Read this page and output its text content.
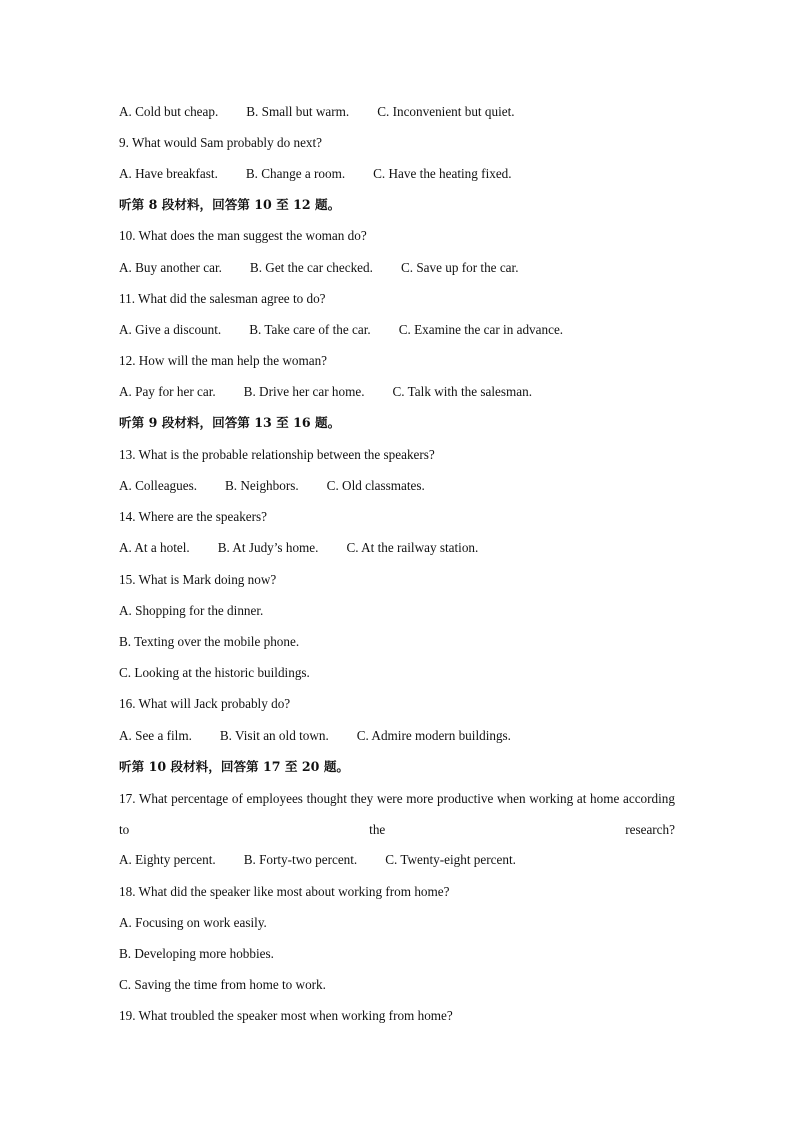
A. Cold but cheap. B. Small but warm. C. Inconvenient but quiet.
9. What would Sam probably do next?
A. Have breakfast. B. Change a room. C. Have the heating fixed.
听第 8 段材料，回答第 10 至 12 题。
10. What does the man suggest the woman do?
A. Buy another car. B. Get the car checked. C. Save up for the car.
11. What did the salesman agree to do?
A. Give a discount. B. Take care of the car. C. Examine the car in advance.
12. How will the man help the woman?
A. Pay for her car. B. Drive her car home. C. Talk with the salesman.
听第 9 段材料，回答第 13 至 16 题。
13. What is the probable relationship between the speakers?
A. Colleagues. B. Neighbors. C. Old classmates.
14. Where are the speakers?
A. At a hotel. B. At Judy’s home. C. At the railway station.
15. What is Mark doing now?
A. Shopping for the dinner.
B. Texting over the mobile phone.
C. Looking at the historic buildings.
16. What will Jack probably do?
A. See a film. B. Visit an old town. C. Admire modern buildings.
听第 10 段材料，回答第 17 至 20 题。
17. What percentage of employees thought they were more productive when working at home according to the research?
A. Eighty percent. B. Forty-two percent. C. Twenty-eight percent.
18. What did the speaker like most about working from home?
A. Focusing on work easily.
B. Developing more hobbies.
C. Saving the time from home to work.
19. What troubled the speaker most when working from home?
